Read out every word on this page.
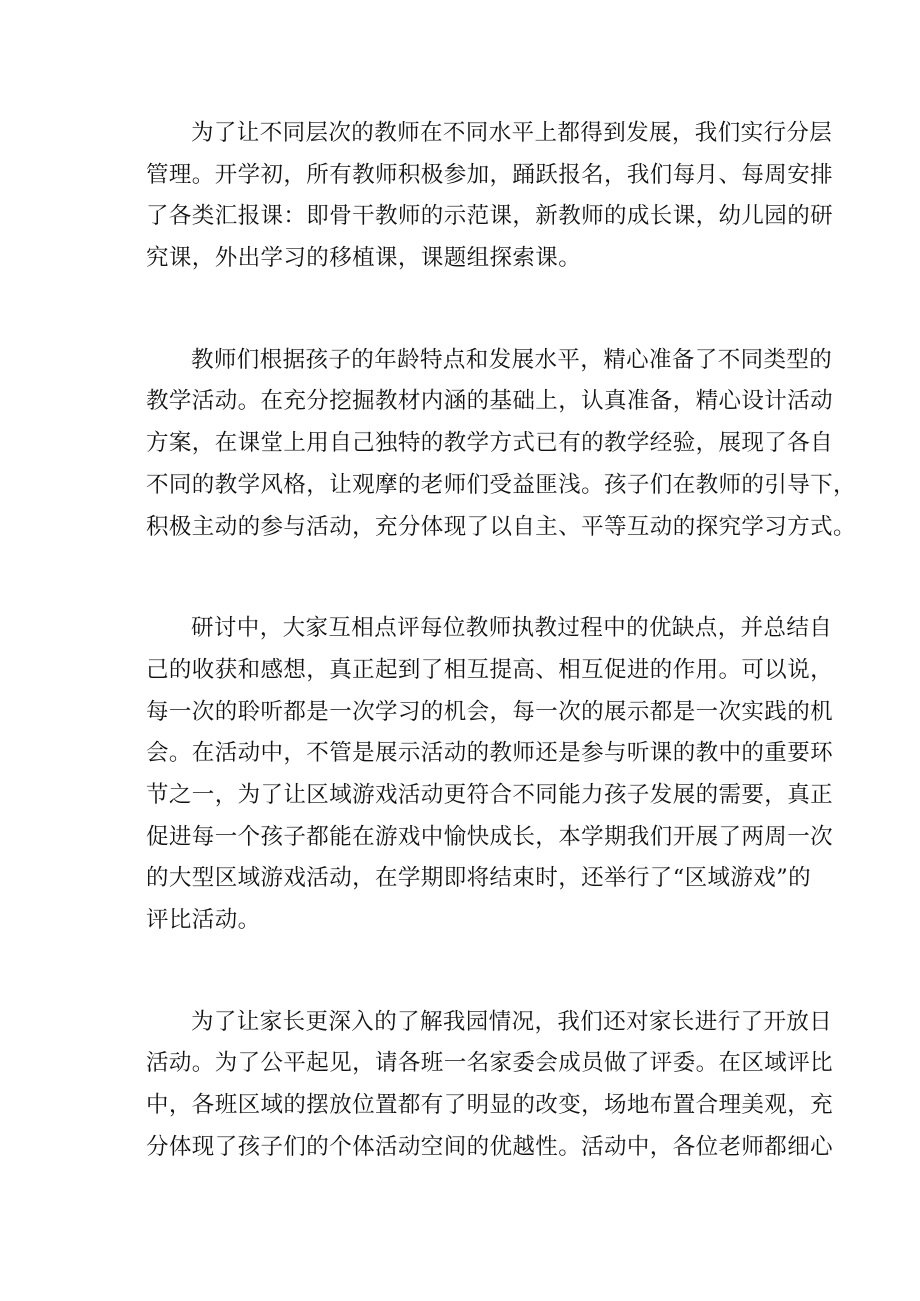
为了让不同层次的教师在不同水平上都得到发展，我们实行分层
管理。开学初，所有教师积极参加，踊跃报名，我们每月、每周安排
了各类汇报课：即骨干教师的示范课，新教师的成长课，幼儿园的研
究课，外出学习的移植课，课题组探索课。
教师们根据孩子的年龄特点和发展水平，精心准备了不同类型的
教学活动。在充分挖掘教材内涵的基础上，认真准备，精心设计活动
方案，在课堂上用自己独特的教学方式已有的教学经验，展现了各自
不同的教学风格，让观摩的老师们受益匪浅。孩子们在教师的引导下，
积极主动的参与活动，充分体现了以自主、平等互动的探究学习方式。
研讨中，大家互相点评每位教师执教过程中的优缺点，并总结自
己的收获和感想，真正起到了相互提高、相互促进的作用。可以说，
每一次的聆听都是一次学习的机会，每一次的展示都是一次实践的机
会。在活动中，不管是展示活动的教师还是参与听课的教中的重要环
节之一，为了让区域游戏活动更符合不同能力孩子发展的需要，真正
促进每一个孩子都能在游戏中愉快成长，本学期我们开展了两周一次
的大型区域游戏活动，在学期即将结束时，还举行了“区域游戏”的
评比活动。
为了让家长更深入的了解我园情况，我们还对家长进行了开放日
活动。为了公平起见，请各班一名家委会成员做了评委。在区域评比
中，各班区域的摆放位置都有了明显的改变，场地布置合理美观，充
分体现了孩子们的个体活动空间的优越性。活动中，各位老师都细心
